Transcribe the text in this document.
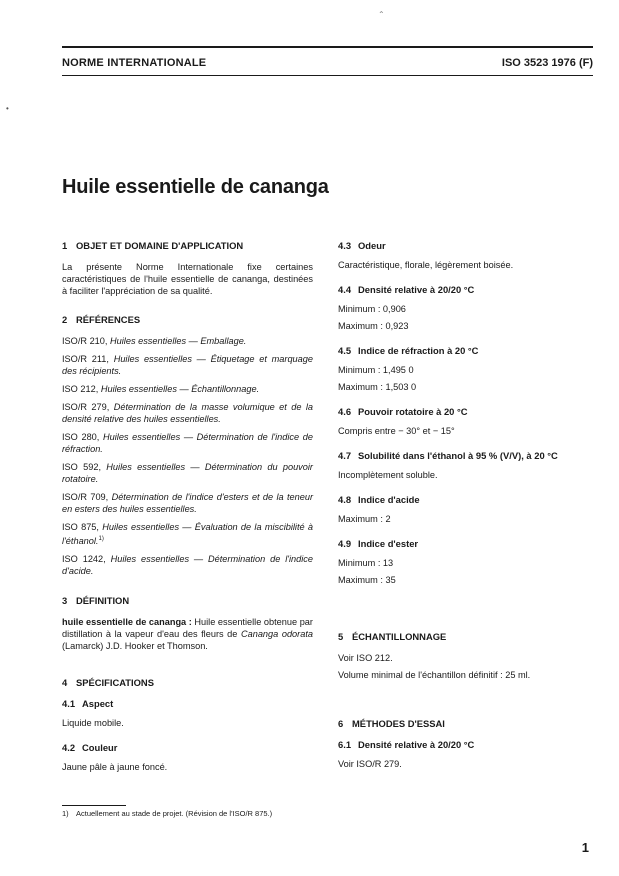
⌃
•
NORME INTERNATIONALE	ISO 3523 1976 (F)
Huile essentielle de cananga
1 OBJET ET DOMAINE D'APPLICATION

La présente Norme Internationale fixe certaines caractéristiques de l'huile essentielle de cananga, destinées à faciliter l'appréciation de sa qualité.

2 RÉFÉRENCES

ISO/R 210, Huiles essentielles — Emballage.

ISO/R 211, Huiles essentielles — Étiquetage et marquage des récipients.

ISO 212, Huiles essentielles — Échantillonnage.

ISO/R 279, Détermination de la masse volumique et de la densité relative des huiles essentielles.

ISO 280, Huiles essentielles — Détermination de l'indice de réfraction.

ISO 592, Huiles essentielles — Détermination du pouvoir rotatoire.

ISO/R 709, Détermination de l'indice d'esters et de la teneur en esters des huiles essentielles.

ISO 875, Huiles essentielles — Évaluation de la miscibilité à l'éthanol.$^{1)}$

ISO 1242, Huiles essentielles — Détermination de l'indice d'acide.

3 DÉFINITION

huile essentielle de cananga : Huile essentielle obtenue par distillation à la vapeur d'eau des fleurs de Cananga odorata (Lamarck) J.D. Hooker et Thomson.

4 SPÉCIFICATIONS
4.1 Aspect

Liquide mobile.

4.2 Couleur

Jaune pâle à jaune foncé.

4.3 Odeur

Caractéristique, florale, légèrement boisée.

4.4 Densité relative à 20/20 °C

Minimum : 0,906

Maximum : 0,923

4.5 Indice de réfraction à 20 °C

Minimum : 1,495 0

Maximum : 1,503 0

4.6 Pouvoir rotatoire à 20 °C

Compris entre − 30° et − 15°

4.7 Solubilité dans l'éthanol à 95 % (V/V), à 20 °C

Incomplètement soluble.

4.8 Indice d'acide

Maximum : 2

4.9 Indice d'ester

Minimum : 13

Maximum : 35

5 ÉCHANTILLONNAGE

Voir ISO 212.

Volume minimal de l'échantillon définitif : 25 ml.

6 MÉTHODES D'ESSAI
6.1 Densité relative à 20/20 °C

Voir ISO/R 279.

1) Actuellement au stade de projet. (Révision de l'ISO/R 875.)
1
